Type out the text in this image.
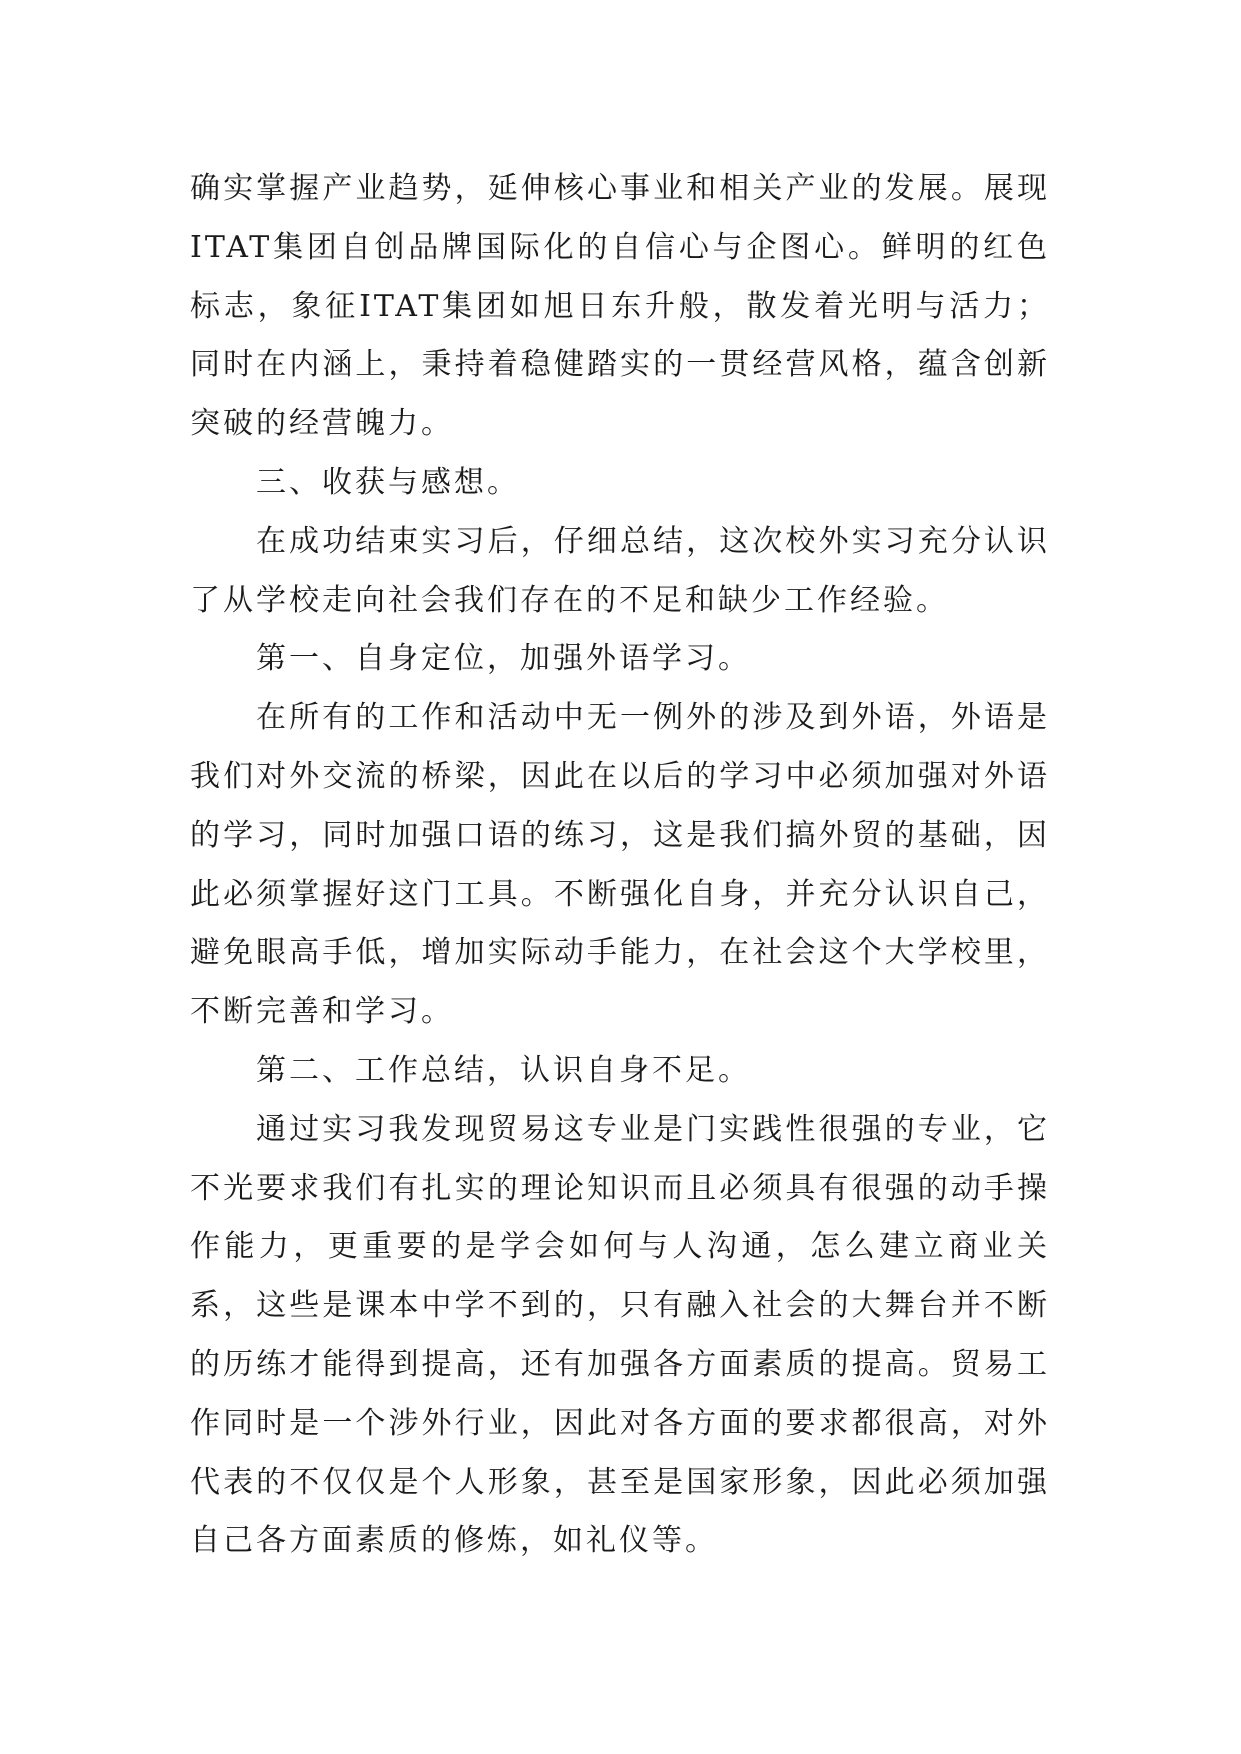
确实掌握产业趋势，延伸核心事业和相关产业的发展。展现ITAT集团自创品牌国际化的自信心与企图心。鲜明的红色标志，象征ITAT集团如旭日东升般，散发着光明与活力；同时在内涵上，秉持着稳健踏实的一贯经营风格，蕴含创新突破的经营魄力。

三、收获与感想。

在成功结束实习后，仔细总结，这次校外实习充分认识了从学校走向社会我们存在的不足和缺少工作经验。

第一、自身定位，加强外语学习。

在所有的工作和活动中无一例外的涉及到外语，外语是我们对外交流的桥梁，因此在以后的学习中必须加强对外语的学习，同时加强口语的练习，这是我们搞外贸的基础，因此必须掌握好这门工具。不断强化自身，并充分认识自己，避免眼高手低，增加实际动手能力，在社会这个大学校里，不断完善和学习。

第二、工作总结，认识自身不足。

通过实习我发现贸易这专业是门实践性很强的专业，它不光要求我们有扎实的理论知识而且必须具有很强的动手操作能力，更重要的是学会如何与人沟通，怎么建立商业关系，这些是课本中学不到的，只有融入社会的大舞台并不断的历练才能得到提高，还有加强各方面素质的提高。贸易工作同时是一个涉外行业，因此对各方面的要求都很高，对外代表的不仅仅是个人形象，甚至是国家形象，因此必须加强自己各方面素质的修炼，如礼仪等。
